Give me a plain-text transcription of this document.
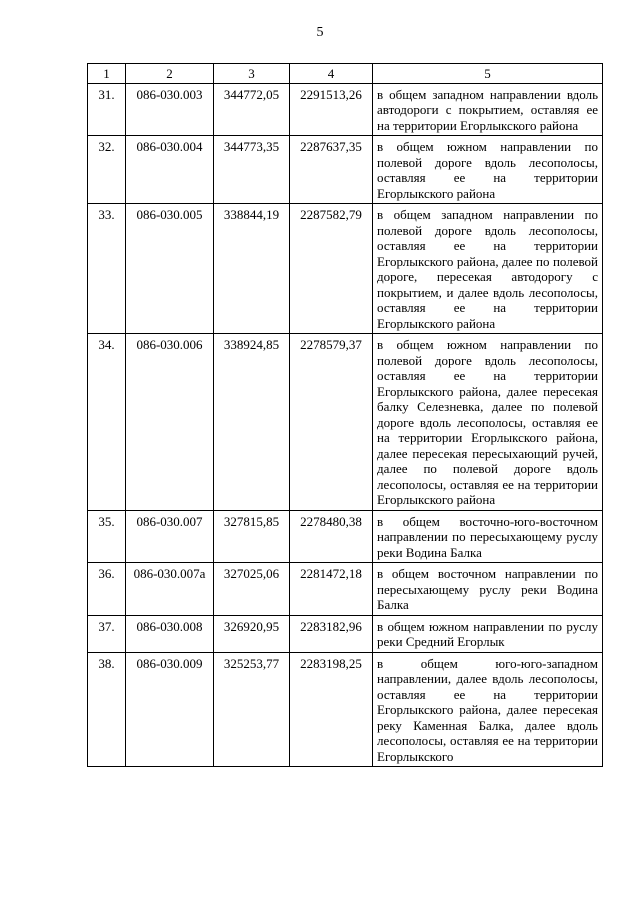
5
1	2	3	4	5
31.	086-030.003	344772,05	2291513,26	в общем западном направлении вдоль автодороги с покрытием, оставляя ее на территории Егорлыкского района
32.	086-030.004	344773,35	2287637,35	в общем южном направлении по полевой дороге вдоль лесополосы, оставляя ее на территории Егорлыкского района
33.	086-030.005	338844,19	2287582,79	в общем западном направлении по полевой дороге вдоль лесополосы, оставляя ее на территории Егорлыкского района, далее по полевой дороге, пересекая автодорогу с покрытием, и далее вдоль лесополосы, оставляя ее на территории Егорлыкского района
34.	086-030.006	338924,85	2278579,37	в общем южном направлении по полевой дороге вдоль лесополосы, оставляя ее на территории Егорлыкского района, далее пересекая балку Селезневка, далее по полевой дороге вдоль лесополосы, оставляя ее на территории Егорлыкского района, далее пересекая пересыхающий ручей, далее по полевой дороге вдоль лесополосы, оставляя ее на территории Егорлыкского района
35.	086-030.007	327815,85	2278480,38	в общем восточно-юго-восточном направлении по пересыхающему руслу реки Водина Балка
36.	086-030.007а	327025,06	2281472,18	в общем восточном направлении по пересыхающему руслу реки Водина Балка
37.	086-030.008	326920,95	2283182,96	в общем южном направлении по руслу реки Средний Егорлык
38.	086-030.009	325253,77	2283198,25	в общем юго-юго-западном направлении, далее вдоль лесополосы, оставляя ее на территории Егорлыкского района, далее пересекая реку Каменная Балка, далее вдоль лесополосы, оставляя ее на территории Егорлыкского
